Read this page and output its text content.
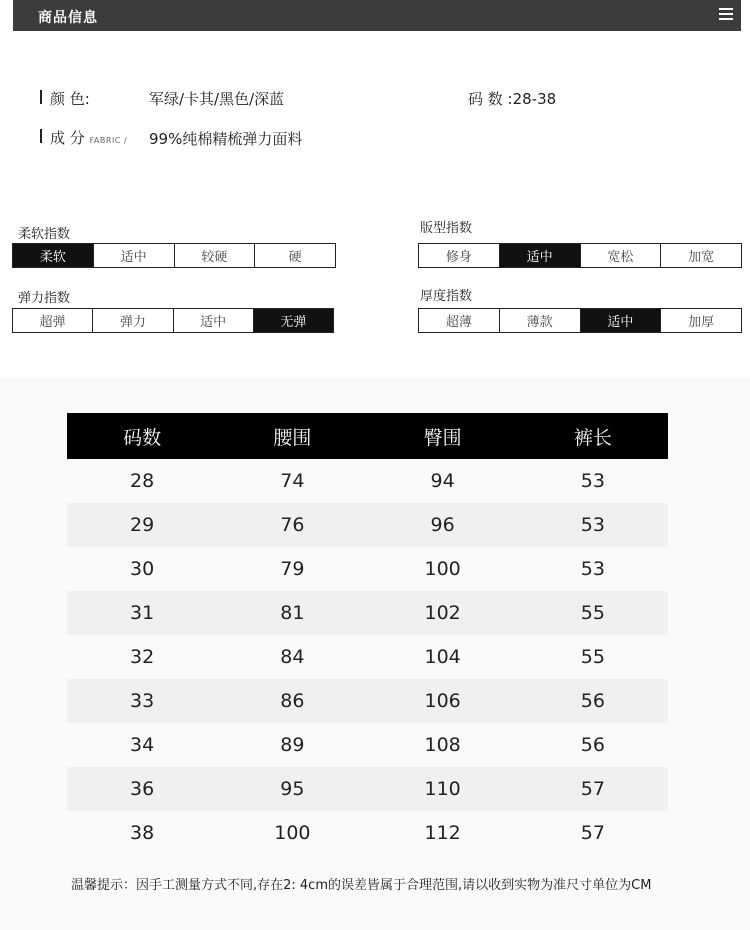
商品信息
颜 色:	军绿/卡其/黑色/深蓝	码 数 :28-38
成 分 FABRIC / 99%纯棉精梳弹力面料
柔软指数
柔软	适中	较硬	硬
版型指数
修身	适中	宽松	加宽
弹力指数
超弹	弹力	适中	无弹
厚度指数
超薄	薄款	适中	加厚
码数	腰围	臀围	裤长
28	74	94	53
29	76	96	53
30	79	100	53
31	81	102	55
32	84	104	55
33	86	106	56
34	89	108	56
36	95	110	57
38	100	112	57
温馨提示：因手工测量方式不同,存在2: 4cm的误差皆属于合理范围,请以收到实物为准尺寸单位为CM
